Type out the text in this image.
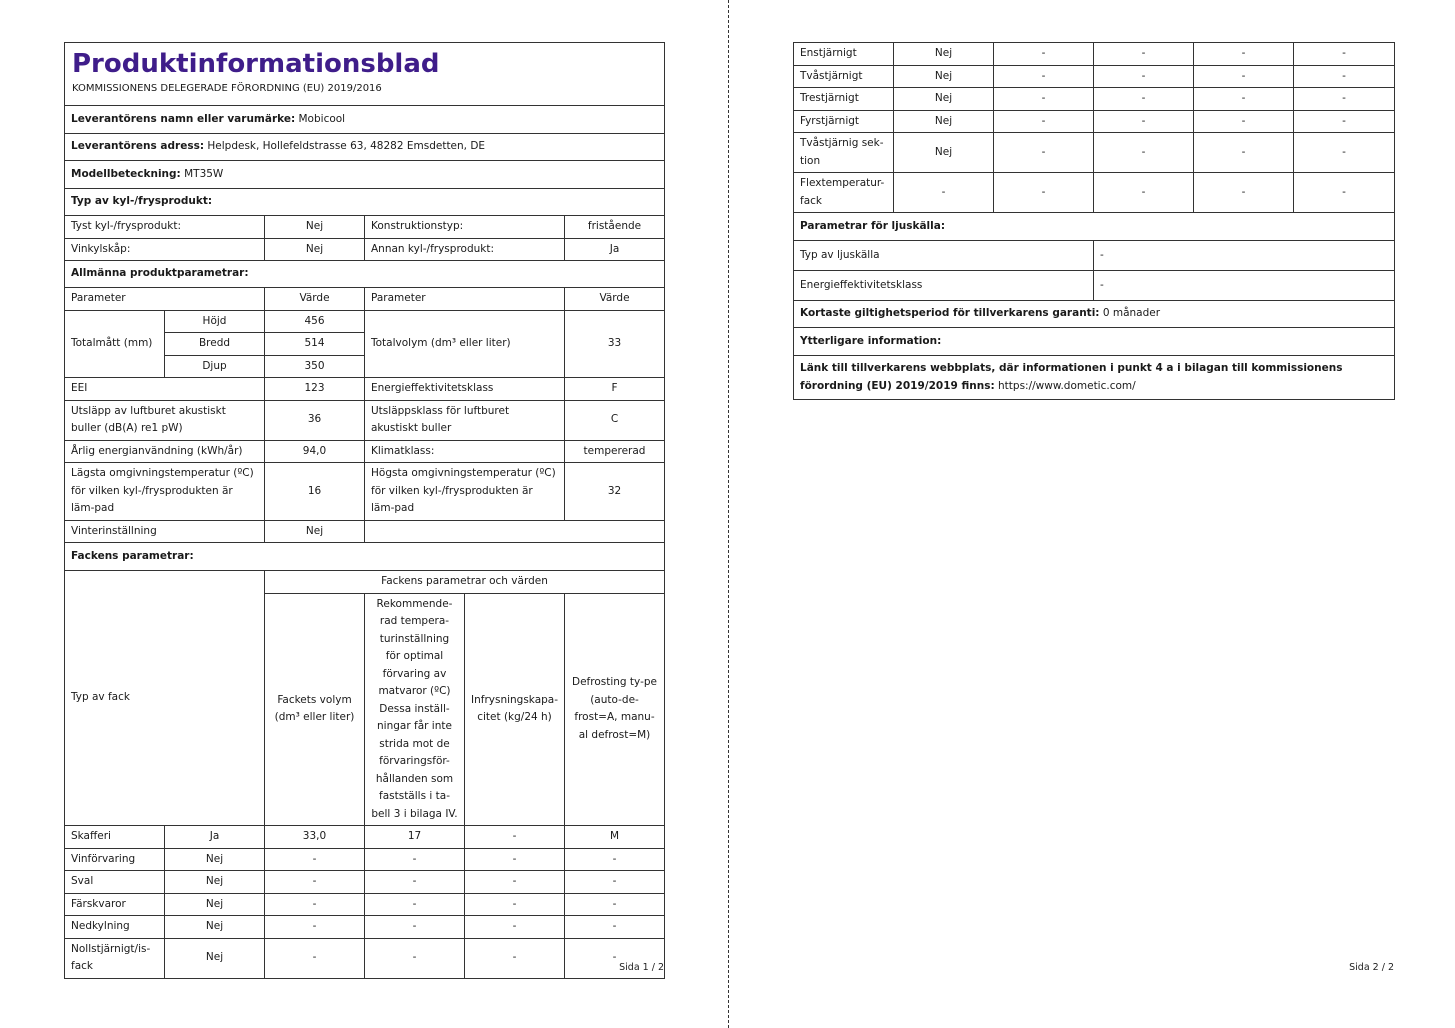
Produktinformationsblad
KOMMISSIONENS DELEGERADE FÖRORDNING (EU) 2019/2016					

Leverantörens namn eller varumärke: Mobicool					
Leverantörens adress: Helpdesk, Hollefeldstrasse 63, 48282 Emsdetten, DE					
Modellbeteckning: MT35W					
Typ av kyl-/frysprodukt:					
Tyst kyl-/frysprodukt:		Nej	Konstruktionstyp:		fristående
Vinkylskåp:		Nej	Annan kyl-/frysprodukt:		Ja
Allmänna produktparametrar:					
Parameter		Värde	Parameter		Värde
Totalmått (mm)	Höjd	456	Totalvolym (dm³ eller liter)		33
	Bredd	514			
	Djup	350			
EEI		123	Energieffektivitetsklass		F
Utsläpp av luftburet akustiskt buller (dB(A) re1 pW)		36	Utsläppsklass för luftburet akustiskt buller		C
Årlig energianvändning (kWh/år)		94,0	Klimatklass:		tempererad
Lägsta omgivningstemperatur (ºC) för vilken kyl-/frysprodukten är läm-pad		16	Högsta omgivningstemperatur (ºC) för vilken kyl-/frysprodukten är läm-pad		32
Vinterinställning		Nej			
Fackens parametrar:					
Typ av fack		Fackens parametrar och värden			
		Fackets volym (dm³ eller liter)	Rekommende-rad tempera-turinställning för optimal förvaring av matvaror (ºC) Dessa inställ-ningar får inte strida mot de förvaringsför-hållanden som fastställs i ta-bell 3 i bilaga IV.	Infrysningskapa-citet (kg/24 h)	Defrosting ty-pe (auto-de-frost=A, manu-al defrost=M)
Skafferi	Ja	33,0	17	-	M
Vinförvaring	Nej	-	-	-	-
Sval	Nej	-	-	-	-
Färskvaror	Nej	-	-	-	-
Nedkylning	Nej	-	-	-	-
Nollstjärnigt/is-fack	Nej	-	-	-	-
Sida 1 / 2
Enstjärnigt	Nej	-	-	-	-
Tvåstjärnigt	Nej	-	-	-	-
Trestjärnigt	Nej	-	-	-	-
Fyrstjärnigt	Nej	-	-	-	-
Tvåstjärnig sek-tion	Nej	-	-	-	-
Flextemperatur-fack	-	-	-	-	-
Parametrar för ljuskälla:					
Typ av ljuskälla			-		
Energieffektivitetsklass			-		
Kortaste giltighetsperiod för tillverkarens garanti: 0 månader					
Ytterligare information:					
Länk till tillverkarens webbplats, där informationen i punkt 4 a i bilagan till kommissionens förordning (EU) 2019/2019 finns: https://www.dometic.com/					
Sida 2 / 2
